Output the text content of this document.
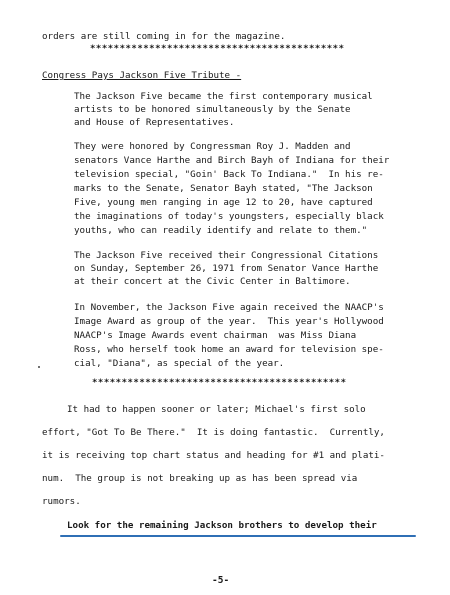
orders are still coming in for the magazine.
*******************************************
Congress Pays Jackson Five Tribute -
The Jackson Five became the first contemporary musical
artists to be honored simultaneously by the Senate
and House of Representatives.
They were honored by Congressman Roy J. Madden and
senators Vance Harthe and Birch Bayh of Indiana for their
television special, "Goin' Back To Indiana."  In his re-
marks to the Senate, Senator Bayh stated, "The Jackson
Five, young men ranging in age 12 to 20, have captured
the imaginations of today's youngsters, especially black
youths, who can readily identify and relate to them."
The Jackson Five received their Congressional Citations
on Sunday, September 26, 1971 from Senator Vance Harthe
at their concert at the Civic Center in Baltimore.
In November, the Jackson Five again received the NAACP's
Image Award as group of the year.  This year's Hollywood
NAACP's Image Awards event chairman  was Miss Diana
Ross, who herself took home an award for television spe-
cial, "Diana", as special of the year.
*******************************************
It had to happen sooner or later; Michael's first solo
effort, "Got To Be There."  It is doing fantastic.  Currently,
it is receiving top chart status and heading for #1 and plati-
num.  The group is not breaking up as has been spread via
rumors.
Look for the remaining Jackson brothers to develop their
-5-
